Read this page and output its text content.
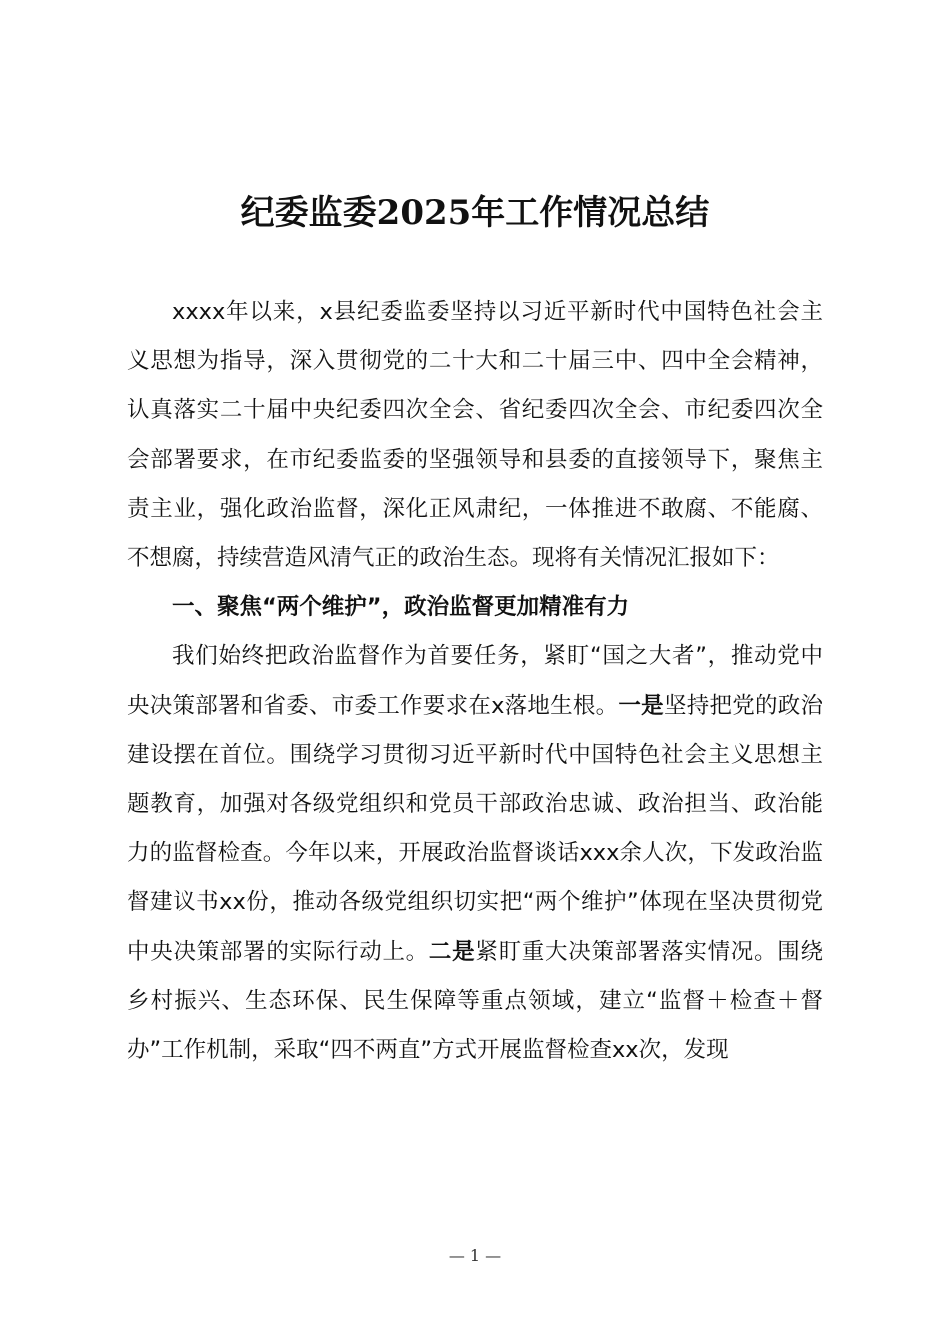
纪委监委2025年工作情况总结

xxxx年以来，x县纪委监委坚持以习近平新时代中国特色社会主义思想为指导，深入贯彻党的二十大和二十届三中、四中全会精神，认真落实二十届中央纪委四次全会、省纪委四次全会、市纪委四次全会部署要求，在市纪委监委的坚强领导和县委的直接领导下，聚焦主责主业，强化政治监督，深化正风肃纪，一体推进不敢腐、不能腐、不想腐，持续营造风清气正的政治生态。现将有关情况汇报如下：

一、聚焦“两个维护”，政治监督更加精准有力

我们始终把政治监督作为首要任务，紧盯“国之大者”，推动党中央决策部署和省委、市委工作要求在x落地生根。一是坚持把党的政治建设摆在首位。围绕学习贯彻习近平新时代中国特色社会主义思想主题教育，加强对各级党组织和党员干部政治忠诚、政治担当、政治能力的监督检查。今年以来，开展政治监督谈话xxx余人次，下发政治监督建议书xx份，推动各级党组织切实把“两个维护”体现在坚决贯彻党中央决策部署的实际行动上。二是紧盯重大决策部署落实情况。围绕乡村振兴、生态环保、民生保障等重点领域，建立“监督＋检查＋督办”工作机制，采取“四不两直”方式开展监督检查xx次，发现

— 1 —
